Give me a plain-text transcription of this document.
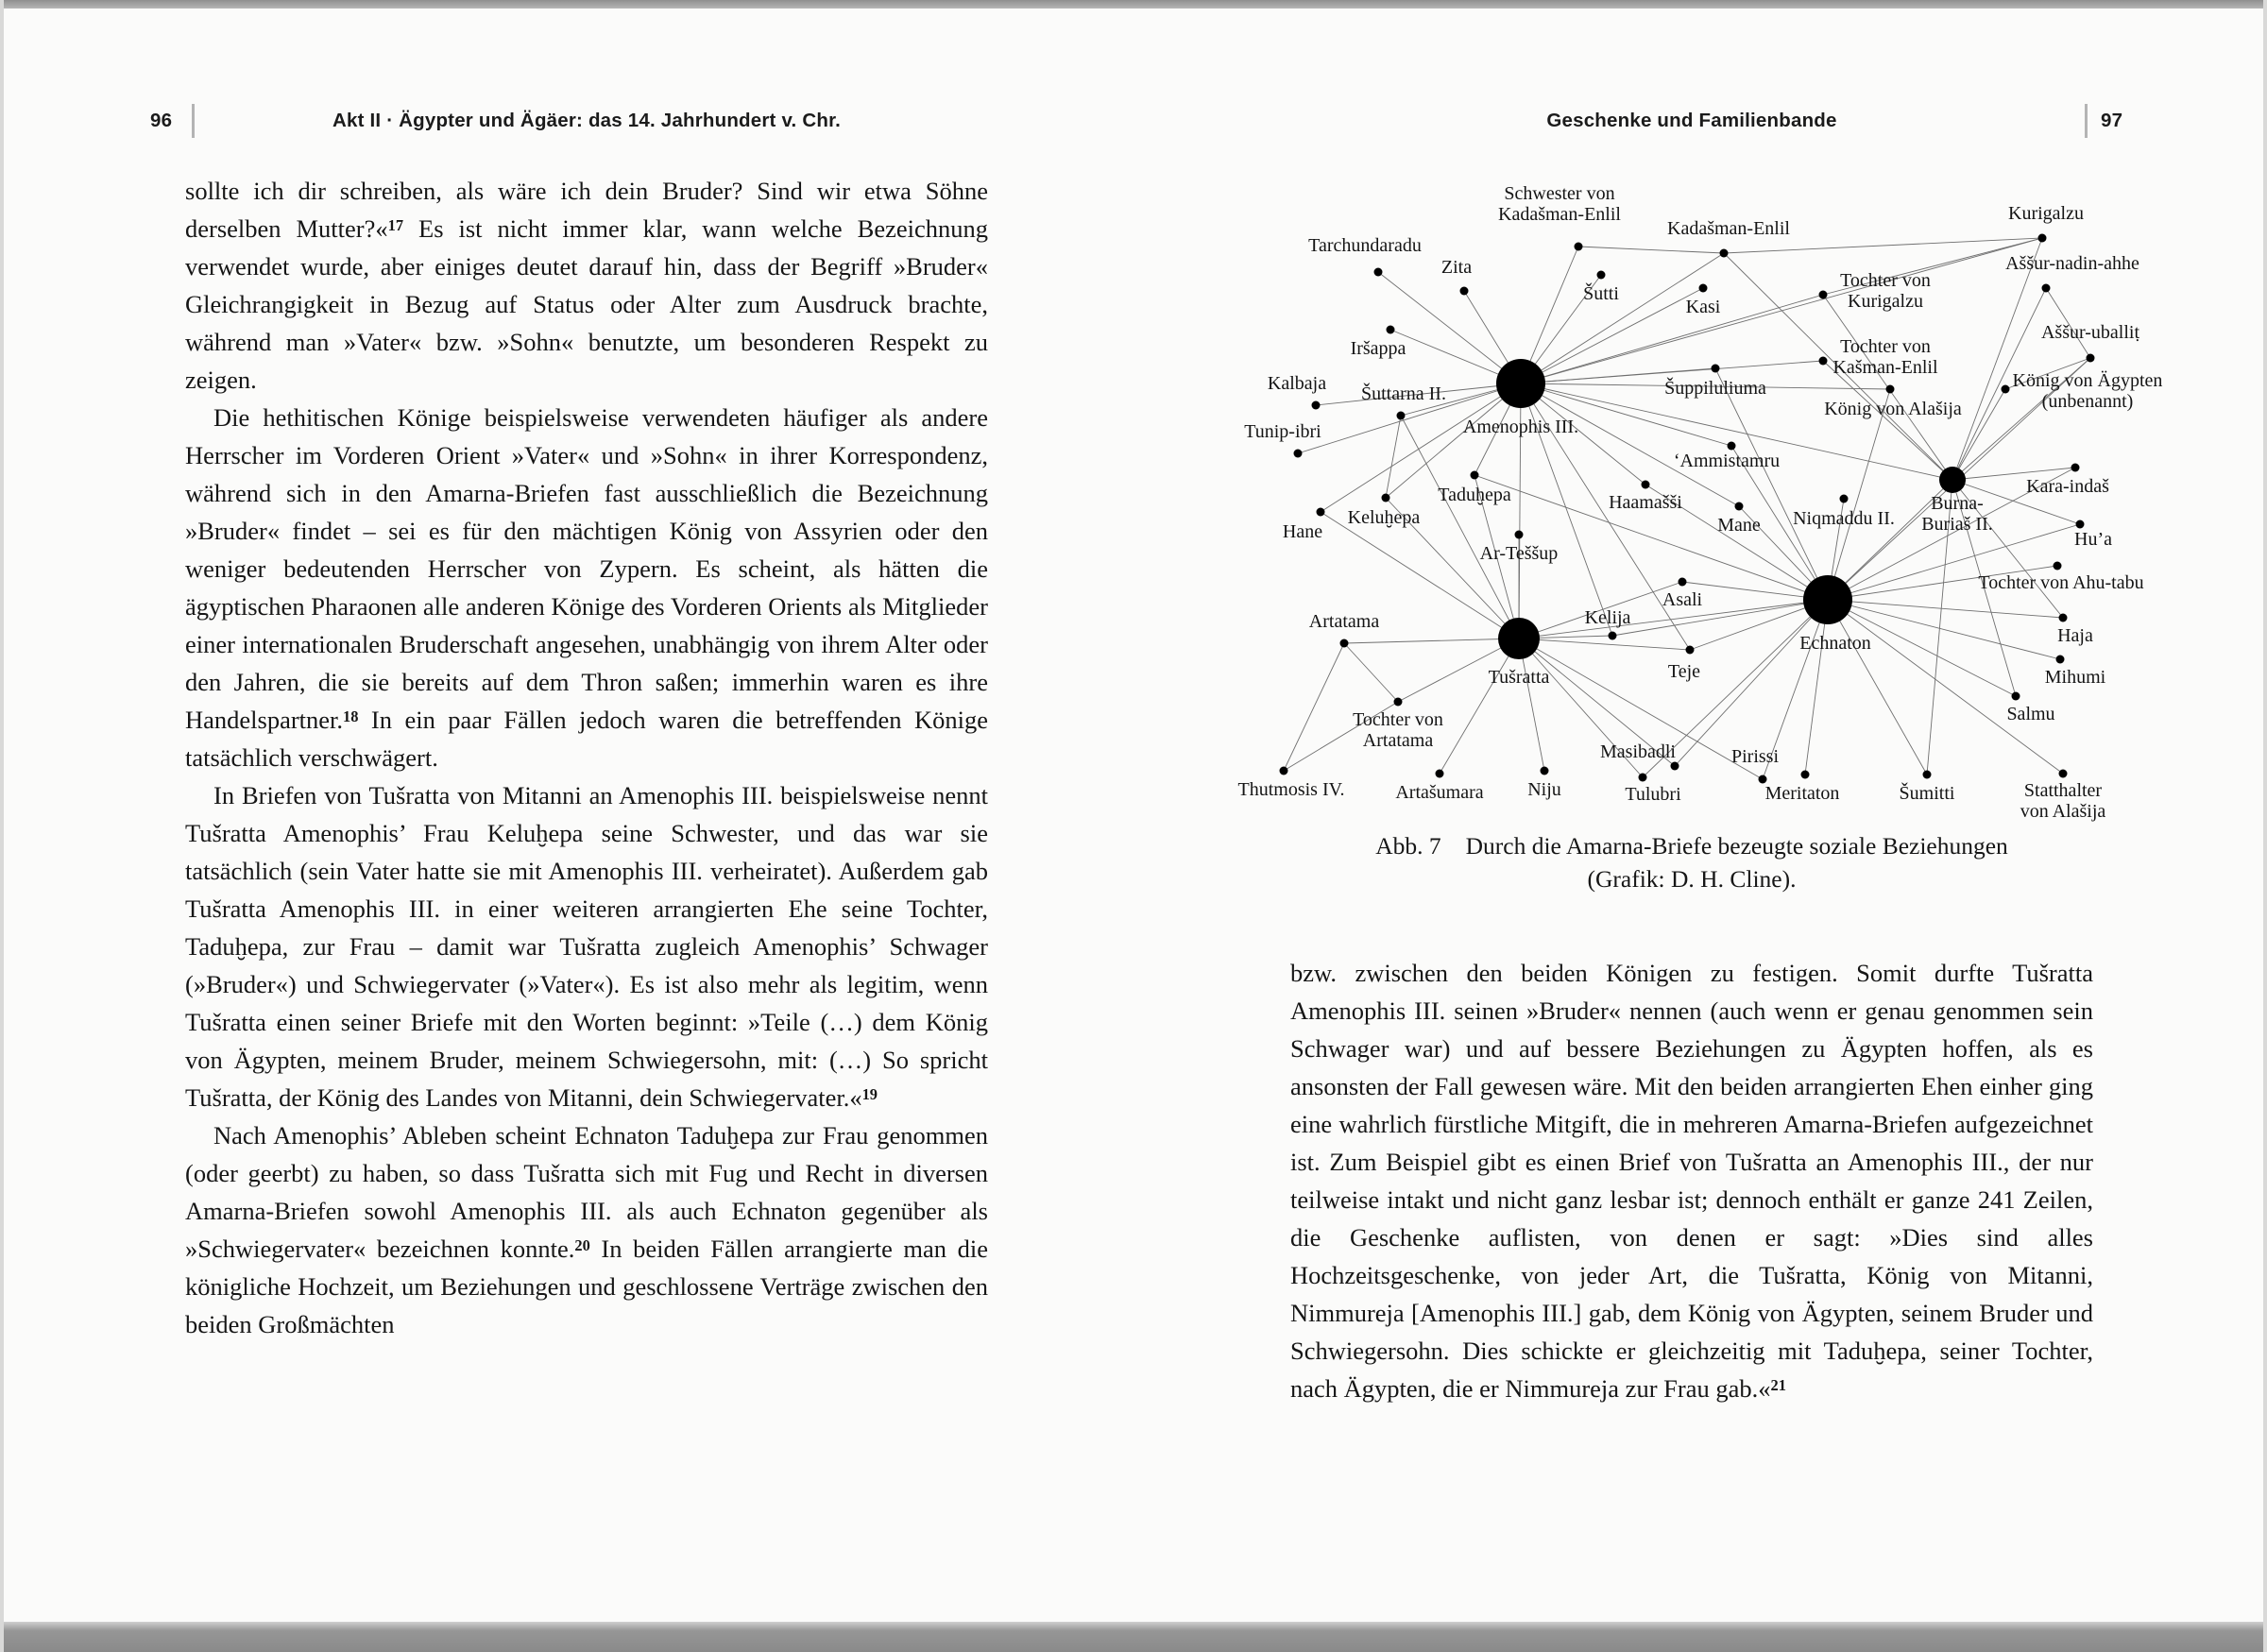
96	Akt II · Ägypter und Ägäer: das 14. Jahrhundert v. Chr.	Geschenke und Familienbande	97

sollte ich dir schreiben, als wäre ich dein Bruder? Sind wir etwa Söhne derselben Mutter?«$^{17}$ Es ist nicht immer klar, wann welche Bezeichnung verwendet wurde, aber einiges deutet darauf hin, dass der Begriff »Bruder« Gleichrangigkeit in Bezug auf Status oder Alter zum Ausdruck brachte, während man »Vater« bzw. »Sohn« benutzte, um besonderen Respekt zu zeigen.

Die hethitischen Könige beispielsweise verwendeten häufiger als andere Herrscher im Vorderen Orient »Vater« und »Sohn« in ihrer Korrespondenz, während sich in den Amarna-Briefen fast ausschließlich die Bezeichnung »Bruder« findet – sei es für den mächtigen König von Assyrien oder den weniger bedeutenden Herrscher von Zypern. Es scheint, als hätten die ägyptischen Pharaonen alle anderen Könige des Vorderen Orients als Mitglieder einer internationalen Bruderschaft angesehen, unabhängig von ihrem Alter oder den Jahren, die sie bereits auf dem Thron saßen; immerhin waren es ihre Handelspartner.$^{18}$ In ein paar Fällen jedoch waren die betreffenden Könige tatsächlich verschwägert.

In Briefen von Tušratta von Mitanni an Amenophis III. beispielsweise nennt Tušratta Amenophis’ Frau Keluḫepa seine Schwester, und das war sie tatsächlich (sein Vater hatte sie mit Amenophis III. verheiratet). Außerdem gab Tušratta Amenophis III. in einer weiteren arrangierten Ehe seine Tochter, Taduḫepa, zur Frau – damit war Tušratta zugleich Amenophis’ Schwager (»Bruder«) und Schwiegervater (»Vater«). Es ist also mehr als legitim, wenn Tušratta einen seiner Briefe mit den Worten beginnt: »Teile (…) dem König von Ägypten, meinem Bruder, meinem Schwiegersohn, mit: (…) So spricht Tušratta, der König des Landes von Mitanni, dein Schwiegervater.«$^{19}$

Nach Amenophis’ Ableben scheint Echnaton Taduḫepa zur Frau genommen (oder geerbt) zu haben, so dass Tušratta sich mit Fug und Recht in diversen Amarna-Briefen sowohl Amenophis III. als auch Echnaton gegenüber als »Schwiegervater« bezeichnen konnte.$^{20}$ In beiden Fällen arrangierte man die königliche Hochzeit, um Beziehungen und geschlossene Verträge zwischen den beiden Großmächten

Tarchundaradu
Schwester von
Kadašman-Enlil
Kadašman-Enlil
Kurigalzu
Aššur-nadin-ahhe
Zita
Šutti
Kasi
Tochter von
Kurigalzu
Aššur-uballiṭ
Iršappa	Tochter von
Kašman-Enlil
König von Ägypten
(unbenannt)
Kalbaja Šuttarna II.
Amenophis III.
Šuppiluliuma
König von Alašija
Tunip-ibri
‘Ammistamru
Kara-indaš
Taduḫepa	Haamašši
Mane Niqmaddu II.
Burna-
Buriaš II.
Hu’a
Hane
Keluḫepa
Ar-Teššup
Tochter von Ahu-tabu
Asali
Kelija
Echnaton	Haja
Artatama
Tušratta	Teje	Mihumi
Salmu
Tochter von
Artatama
Thutmosis IV.	Artašumara Niju
Masibadli
Tulubri
Pirissi
Meritaton	Šumitti	Statthalter
von Alašija
Abb. 7 Durch die Amarna-Briefe bezeugte soziale Beziehungen
(Grafik: D. H. Cline).

bzw. zwischen den beiden Königen zu festigen. Somit durfte Tušratta Amenophis III. seinen »Bruder« nennen (auch wenn er genau genommen sein Schwager war) und auf bessere Beziehungen zu Ägypten hoffen, als es ansonsten der Fall gewesen wäre. Mit den beiden arrangierten Ehen einher ging eine wahrlich fürstliche Mitgift, die in mehreren Amarna-Briefen aufgezeichnet ist. Zum Beispiel gibt es einen Brief von Tušratta an Amenophis III., der nur teilweise intakt und nicht ganz lesbar ist; dennoch enthält er ganze 241 Zeilen, die Geschenke auflisten, von denen er sagt: »Dies sind alles Hochzeitsgeschenke, von jeder Art, die Tušratta, König von Mitanni, Nimmureja [Amenophis III.] gab, dem König von Ägypten, seinem Bruder und Schwiegersohn. Dies schickte er gleichzeitig mit Taduḫepa, seiner Tochter, nach Ägypten, die er Nimmureja zur Frau gab.«$^{21}$
